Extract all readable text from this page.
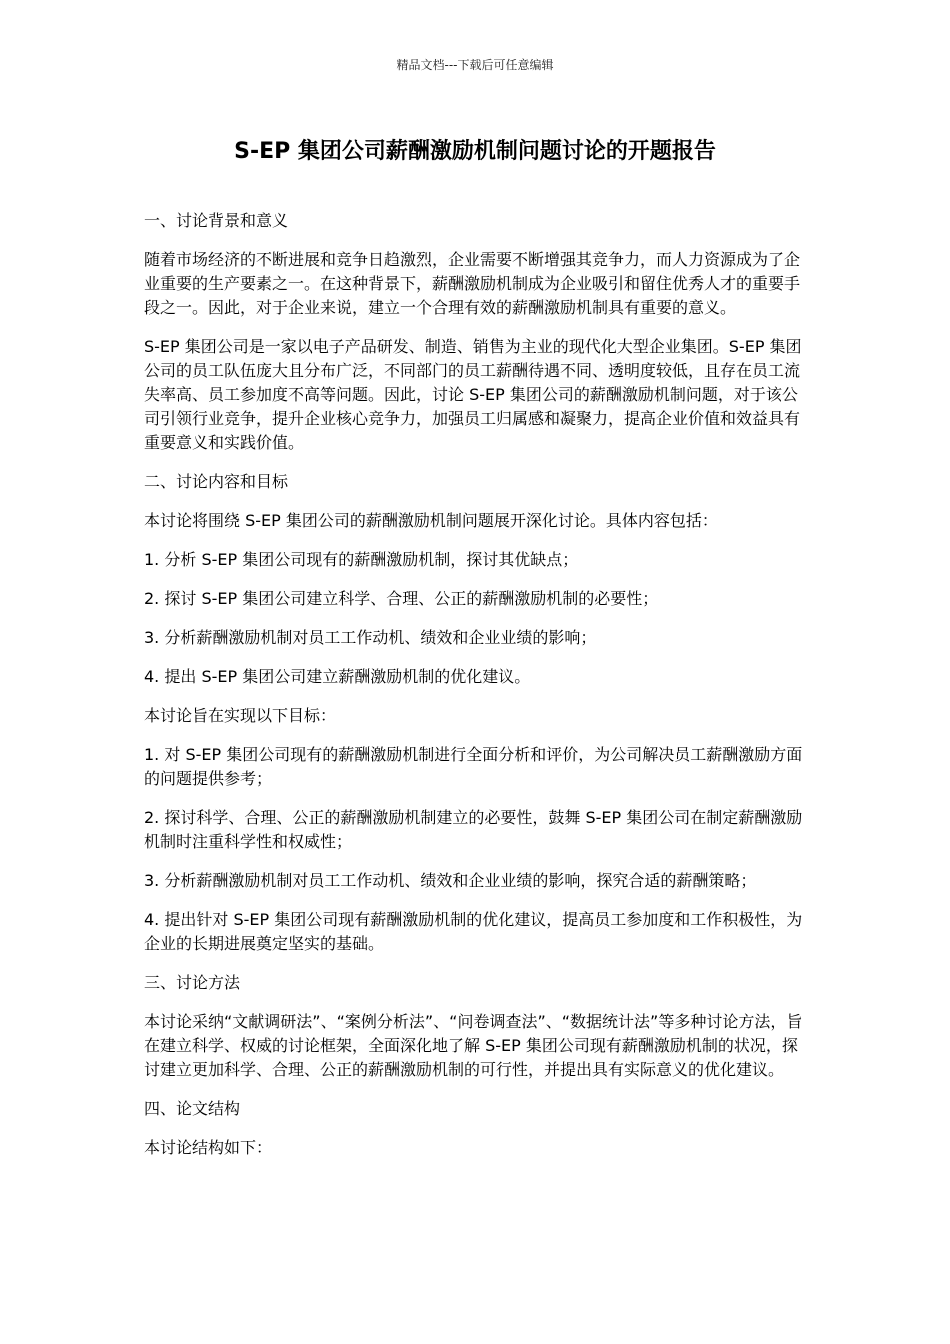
精品文档---下载后可任意编辑
S-EP 集团公司薪酬激励机制问题讨论的开题报告

一、讨论背景和意义

随着市场经济的不断进展和竞争日趋激烈，企业需要不断增强其竞争力，而人力资源成为了企业重要的生产要素之一。在这种背景下，薪酬激励机制成为企业吸引和留住优秀人才的重要手段之一。因此，对于企业来说，建立一个合理有效的薪酬激励机制具有重要的意义。

S-EP 集团公司是一家以电子产品研发、制造、销售为主业的现代化大型企业集团。S-EP 集团公司的员工队伍庞大且分布广泛，不同部门的员工薪酬待遇不同、透明度较低，且存在员工流失率高、员工参加度不高等问题。因此，讨论 S-EP 集团公司的薪酬激励机制问题，对于该公司引领行业竞争，提升企业核心竞争力，加强员工归属感和凝聚力，提高企业价值和效益具有重要意义和实践价值。

二、讨论内容和目标

本讨论将围绕 S-EP 集团公司的薪酬激励机制问题展开深化讨论。具体内容包括：

1. 分析 S-EP 集团公司现有的薪酬激励机制，探讨其优缺点；

2. 探讨 S-EP 集团公司建立科学、合理、公正的薪酬激励机制的必要性；

3. 分析薪酬激励机制对员工工作动机、绩效和企业业绩的影响；

4. 提出 S-EP 集团公司建立薪酬激励机制的优化建议。

本讨论旨在实现以下目标：

1. 对 S-EP 集团公司现有的薪酬激励机制进行全面分析和评价，为公司解决员工薪酬激励方面的问题提供参考；

2. 探讨科学、合理、公正的薪酬激励机制建立的必要性，鼓舞 S-EP 集团公司在制定薪酬激励机制时注重科学性和权威性；

3. 分析薪酬激励机制对员工工作动机、绩效和企业业绩的影响，探究合适的薪酬策略；

4. 提出针对 S-EP 集团公司现有薪酬激励机制的优化建议，提高员工参加度和工作积极性，为企业的长期进展奠定坚实的基础。

三、讨论方法

本讨论采纳“文献调研法”、“案例分析法”、“问卷调查法”、“数据统计法”等多种讨论方法，旨在建立科学、权威的讨论框架，全面深化地了解 S-EP 集团公司现有薪酬激励机制的状况，探讨建立更加科学、合理、公正的薪酬激励机制的可行性，并提出具有实际意义的优化建议。

四、论文结构

本讨论结构如下：
